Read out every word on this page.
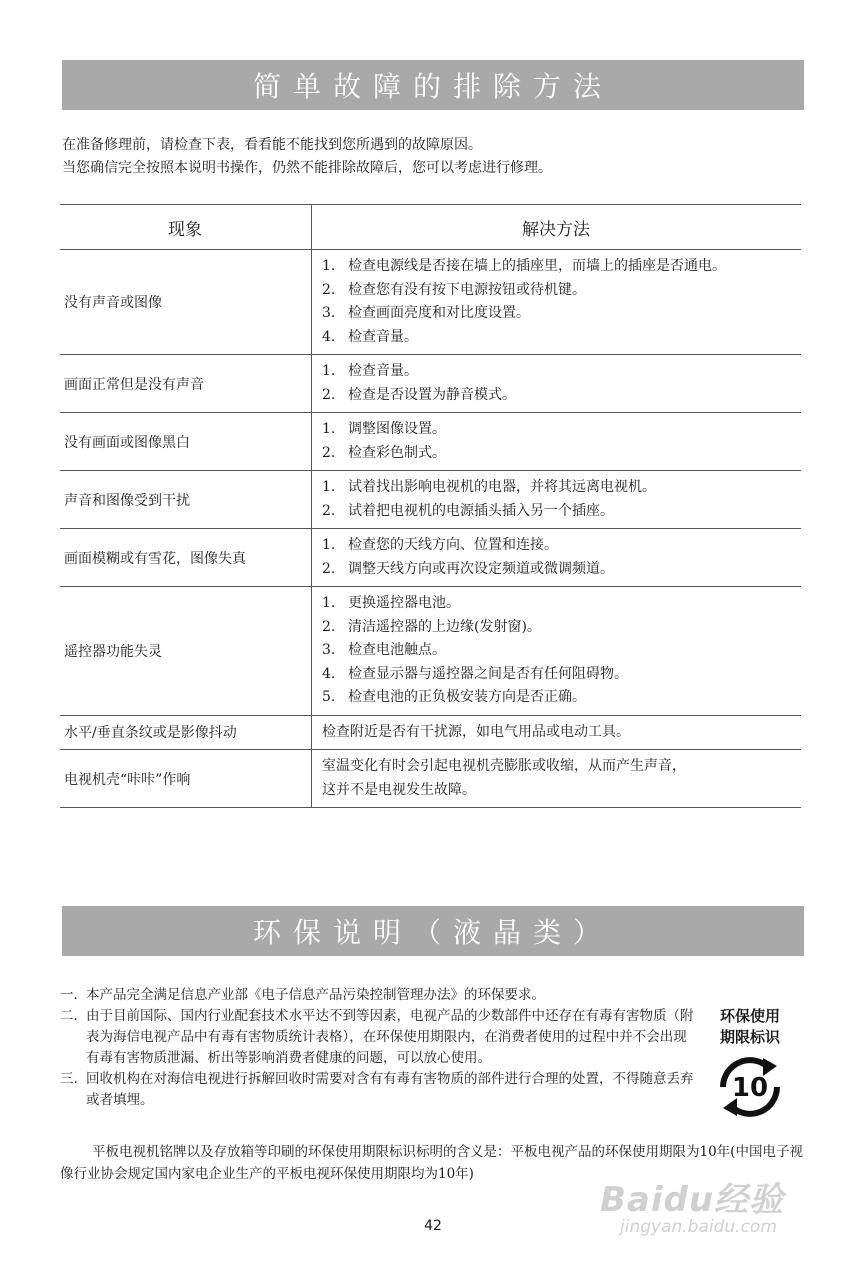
简单故障的排除方法
在准备修理前，请检查下表，看看能不能找到您所遇到的故障原因。
当您确信完全按照本说明书操作，仍然不能排除故障后，您可以考虑进行修理。
现象	解决方法
没有声音或图像	1. 检查电源线是否接在墙上的插座里，而墙上的插座是否通电。
2. 检查您有没有按下电源按钮或待机键。
3. 检查画面亮度和对比度设置。
4. 检查音量。

画面正常但是没有声音	1. 检查音量。
2. 检查是否设置为静音模式。

没有画面或图像黑白	1. 调整图像设置。
2. 检查彩色制式。

声音和图像受到干扰	1. 试着找出影响电视机的电器，并将其远离电视机。
2. 试着把电视机的电源插头插入另一个插座。

画面模糊或有雪花，图像失真	1. 检查您的天线方向、位置和连接。
2. 调整天线方向或再次设定频道或微调频道。

遥控器功能失灵	1. 更换遥控器电池。
2. 清洁遥控器的上边缘(发射窗)。
3. 检查电池触点。
4. 检查显示器与遥控器之间是否有任何阻碍物。
5. 检查电池的正负极安装方向是否正确。

水平/垂直条纹或是影像抖动	检查附近是否有干扰源，如电气用品或电动工具。

电视机壳“咔咔”作响	室温变化有时会引起电视机壳膨胀或收缩，从而产生声音，
这并不是电视发生故障。
环保说明（液晶类）
一. 本产品完全满足信息产业部《电子信息产品污染控制管理办法》的环保要求。
二. 由于目前国际、国内行业配套技术水平达不到等因素，电视产品的少数部件中还存在有毒有害物质（附表为海信电视产品中有毒有害物质统计表格），在环保使用期限内，在消费者使用的过程中并不会出现有毒有害物质泄漏、析出等影响消费者健康的问题，可以放心使用。
三. 回收机构在对海信电视进行拆解回收时需要对含有有毒有害物质的部件进行合理的处置，不得随意丢弃或者填埋。
环保使用
期限标识
10
平板电视机铭牌以及存放箱等印刷的环保使用期限标识标明的含义是：平板电视产品的环保使用期限为10年(中国电子视像行业协会规定国内家电企业生产的平板电视环保使用期限均为10年)
42
Baidu经验
jingyan.baidu.com
